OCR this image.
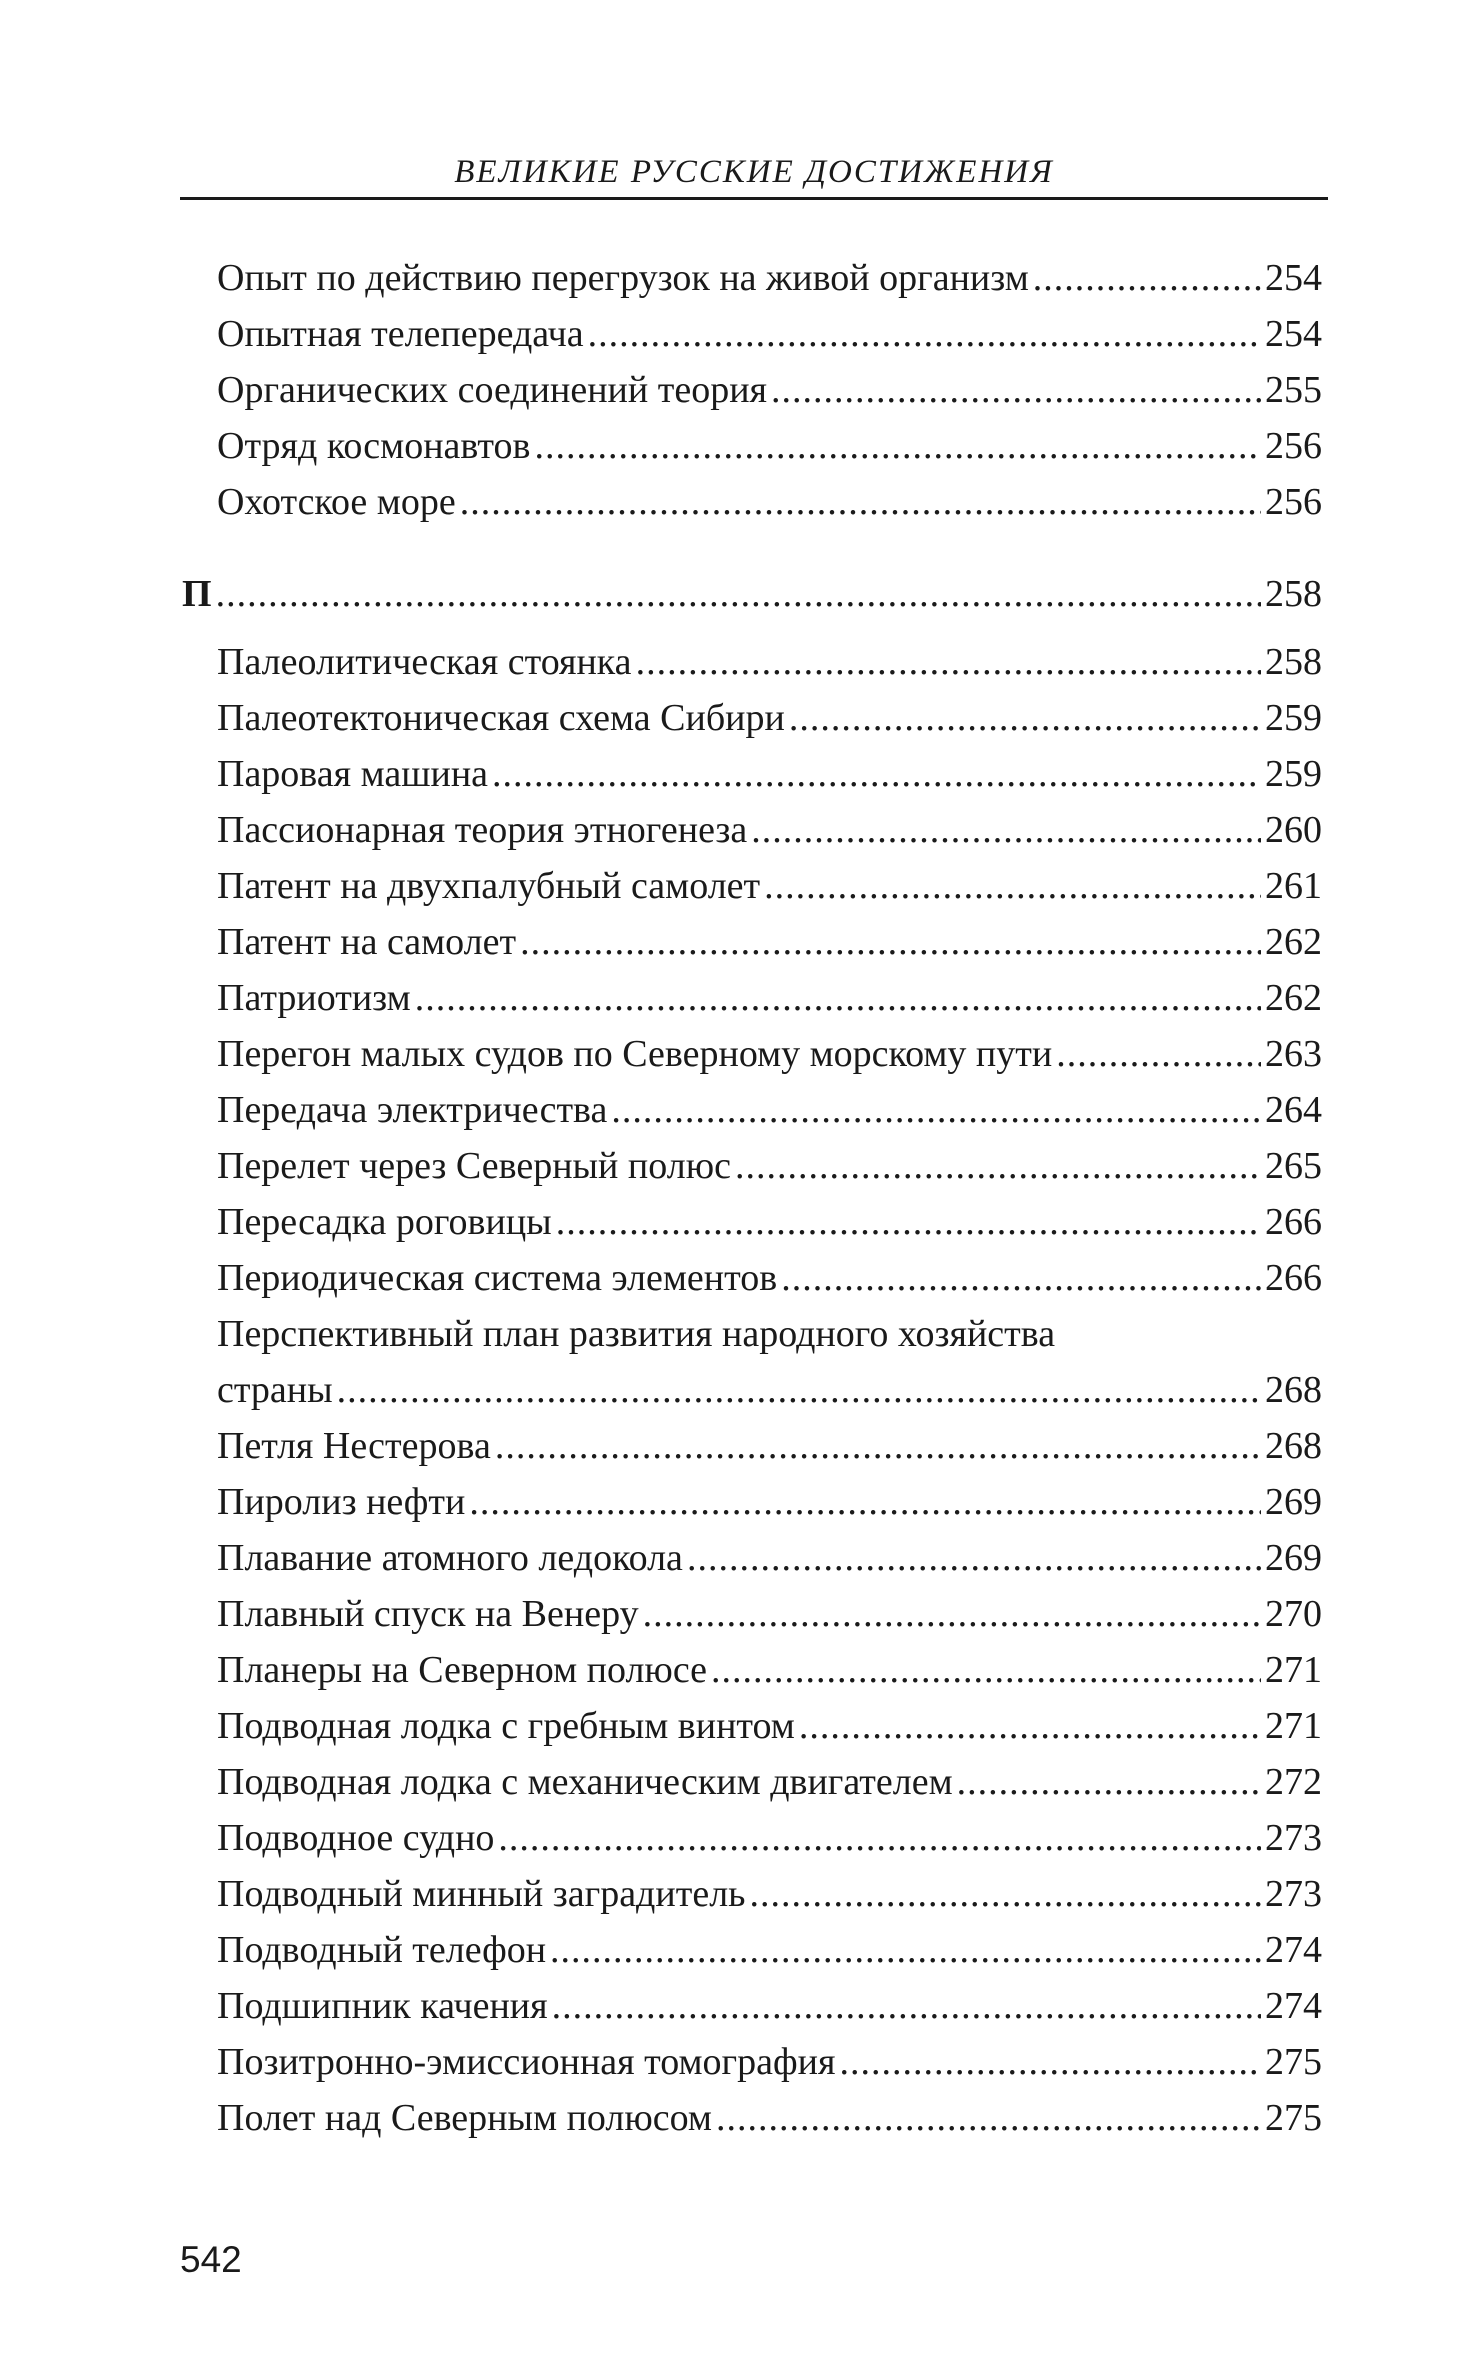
ВЕЛИКИЕ РУССКИЕ ДОСТИЖЕНИЯ
Опыт по действию перегрузок на живой организм .....	254
Опытная телепередача .....	254
Органических соединений теория .....	255
Отряд космонавтов .....	256
Охотское море .....	256
П .....	258
Палеолитическая стоянка .....	258
Палеотектоническая схема Сибири .....	259
Паровая машина .....	259
Пассионарная теория этногенеза .....	260
Патент на двухпалубный самолет .....	261
Патент на самолет .....	262
Патриотизм .....	262
Перегон малых судов по Северному морскому пути .....	263
Передача электричества .....	264
Перелет через Северный полюс .....	265
Пересадка роговицы .....	266
Периодическая система элементов .....	266
Перспективный план развития народного хозяйства
страны .....	268
Петля Нестерова .....	268
Пиролиз нефти .....	269
Плавание атомного ледокола .....	269
Плавный спуск на Венеру .....	270
Планеры на Северном полюсе .....	271
Подводная лодка с гребным винтом .....	271
Подводная лодка с механическим двигателем .....	272
Подводное судно .....	273
Подводный минный заградитель .....	273
Подводный телефон .....	274
Подшипник качения .....	274
Позитронно-эмиссионная томография .....	275
Полет над Северным полюсом .....	275
542
